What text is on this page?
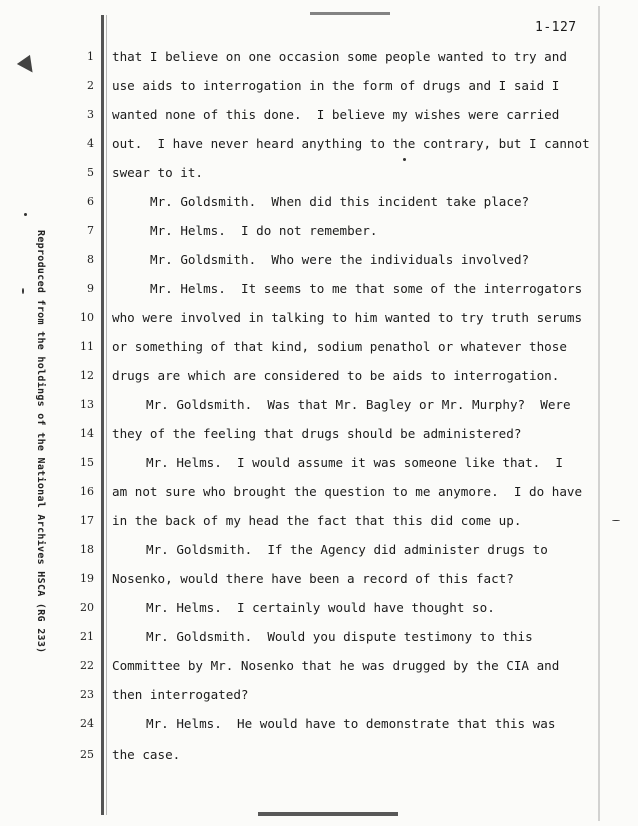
1-127
Reproduced from the holdings of the National Archives HSCA (RG 233)
1
2
3
4
5
6
7
8
9
10
11
12
13
14
15
16
17
18
19
20
21
22
23
24
25
that I believe on one occasion some people wanted to try and
use aids to interrogation in the form of drugs and I said I
wanted none of this done.  I believe my wishes were carried
out.  I have never heard anything to the contrary, but I cannot
swear to it.
Mr. Goldsmith.  When did this incident take place?
Mr. Helms.  I do not remember.
Mr. Goldsmith.  Who were the individuals involved?
Mr. Helms.  It seems to me that some of the interrogators
who were involved in talking to him wanted to try truth serums
or something of that kind, sodium penathol or whatever those
drugs are which are considered to be aids to interrogation.
Mr. Goldsmith.  Was that Mr. Bagley or Mr. Murphy?  Were
they of the feeling that drugs should be administered?
Mr. Helms.  I would assume it was someone like that.  I
am not sure who brought the question to me anymore.  I do have
in the back of my head the fact that this did come up.
Mr. Goldsmith.  If the Agency did administer drugs to
Nosenko, would there have been a record of this fact?
Mr. Helms.  I certainly would have thought so.
Mr. Goldsmith.  Would you dispute testimony to this
Committee by Mr. Nosenko that he was drugged by the CIA and
then interrogated?
Mr. Helms.  He would have to demonstrate that this was
the case.
